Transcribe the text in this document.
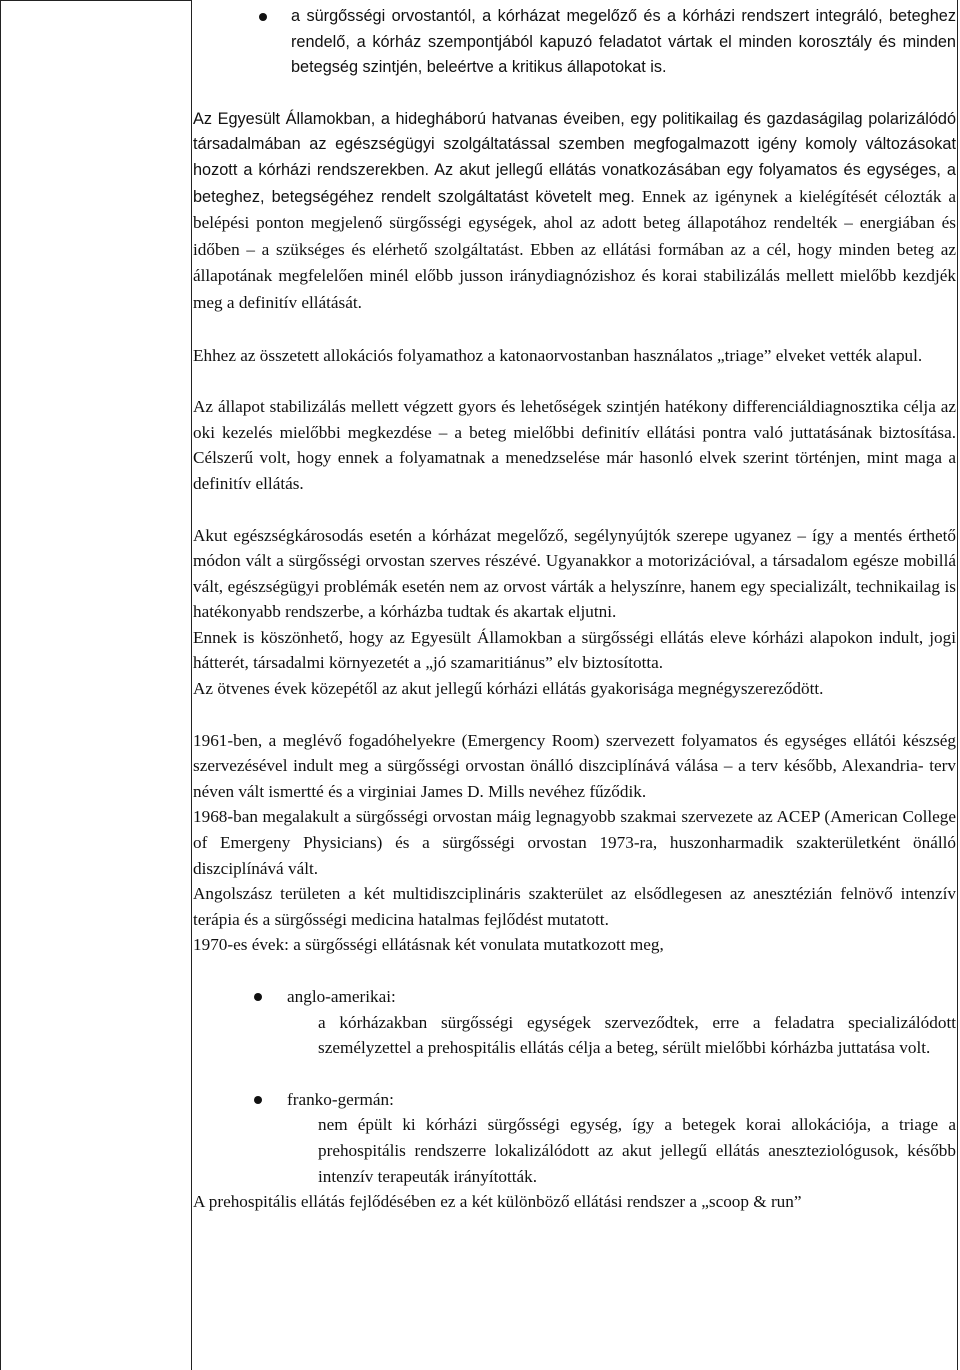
a sürgősségi orvostantól, a kórházat megelőző és a kórházi rendszert integráló, beteghez rendelő, a kórház szempontjából kapuzó feladatot vártak el minden korosztály és minden betegség szintjén, beleértve a kritikus állapotokat is.

Az Egyesült Államokban, a hidegháború hatvanas éveiben, egy politikailag és gazdaságilag polarizálódó társadalmában az egészségügyi szolgáltatással szemben megfogalmazott igény komoly változásokat hozott a kórházi rendszerekben. Az akut jellegű ellátás vonatkozásában egy folyamatos és egységes, a beteghez, betegségéhez rendelt szolgáltatást követelt meg. Ennek az igénynek a kielégítését célozták a belépési ponton megjelenő sürgősségi egységek, ahol az adott beteg állapotához rendelték – energiában és időben – a szükséges és elérhető szolgáltatást. Ebben az ellátási formában az a cél, hogy minden beteg az állapotának megfelelően minél előbb jusson iránydiagnózishoz és korai stabilizálás mellett mielőbb kezdjék meg a definitív ellátását.

Ehhez az összetett allokációs folyamathoz a katonaorvostanban használatos „triage” elveket vették alapul.

Az állapot stabilizálás mellett végzett gyors és lehetőségek szintjén hatékony differenciáldiagnosztika célja az oki kezelés mielőbbi megkezdése – a beteg mielőbbi definitív ellátási pontra való juttatásának biztosítása. Célszerű volt, hogy ennek a folyamatnak a menedzselése már hasonló elvek szerint történjen, mint maga a definitív ellátás.

Akut egészségkárosodás esetén a kórházat megelőző, segélynyújtók szerepe ugyanez – így a mentés érthető módon vált a sürgősségi orvostan szerves részévé. Ugyanakkor a motorizációval, a társadalom egésze mobillá vált, egészségügyi problémák esetén nem az orvost várták a helyszínre, hanem egy specializált, technikailag is hatékonyabb rendszerbe, a kórházba tudtak és akartak eljutni.

Ennek is köszönhető, hogy az Egyesült Államokban a sürgősségi ellátás eleve kórházi alapokon indult, jogi hátterét, társadalmi környezetét a „jó szamaritiánus” elv biztosította.

Az ötvenes évek közepétől az akut jellegű kórházi ellátás gyakorisága megnégyszereződött.

1961-ben, a meglévő fogadóhelyekre (Emergency Room) szervezett folyamatos és egységes ellátói készség szervezésével indult meg a sürgősségi orvostan önálló diszciplínává válása – a terv később, Alexandria- terv néven vált ismertté és a virginiai James D. Mills nevéhez fűződik.

1968-ban megalakult a sürgősségi orvostan máig legnagyobb szakmai szervezete az ACEP (American College of Emergeny Physicians) és a sürgősségi orvostan 1973-ra, huszonharmadik szakterületként önálló diszciplínává vált.

Angolszász területen a két multidiszciplináris szakterület az elsődlegesen az anesztézián felnövő intenzív terápia és a sürgősségi medicina hatalmas fejlődést mutatott.

1970-es évek: a sürgősségi ellátásnak két vonulata mutatkozott meg,

anglo-amerikai:

a kórházakban sürgősségi egységek szerveződtek, erre a feladatra specializálódott személyzettel a prehospitális ellátás célja a beteg, sérült mielőbbi kórházba juttatása volt.

franko-germán:

nem épült ki kórházi sürgősségi egység, így a betegek korai allokációja, a triage a prehospitális rendszerre lokalizálódott az akut jellegű ellátás aneszteziológusok, később intenzív terapeuták irányították.

A prehospitális ellátás fejlődésében ez a két különböző ellátási rendszer a „scoop & run”
